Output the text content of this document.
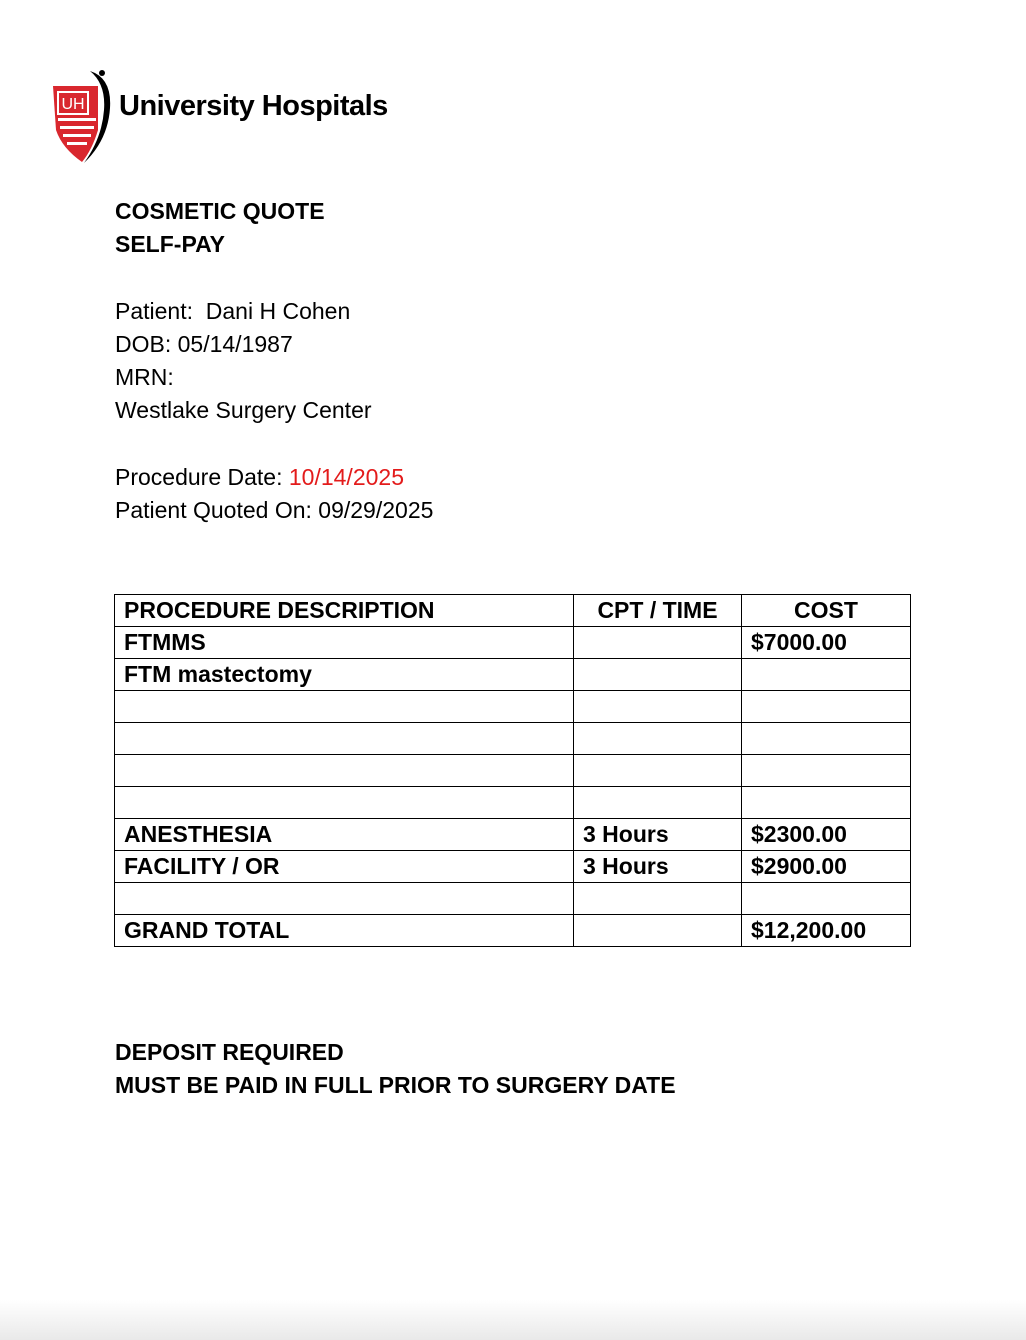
UH University Hospitals
COSMETIC QUOTE
SELF-PAY
Patient: Dani H Cohen
DOB: 05/14/1987
MRN:
Westlake Surgery Center
Procedure Date: 10/14/2025
Patient Quoted On: 09/29/2025
PROCEDURE DESCRIPTION	CPT / TIME	COST
FTMMS		$7000.00
FTM mastectomy		

ANESTHESIA	3 Hours	$2300.00
FACILITY / OR	3 Hours	$2900.00

GRAND TOTAL		$12,200.00
DEPOSIT REQUIRED
MUST BE PAID IN FULL PRIOR TO SURGERY DATE
